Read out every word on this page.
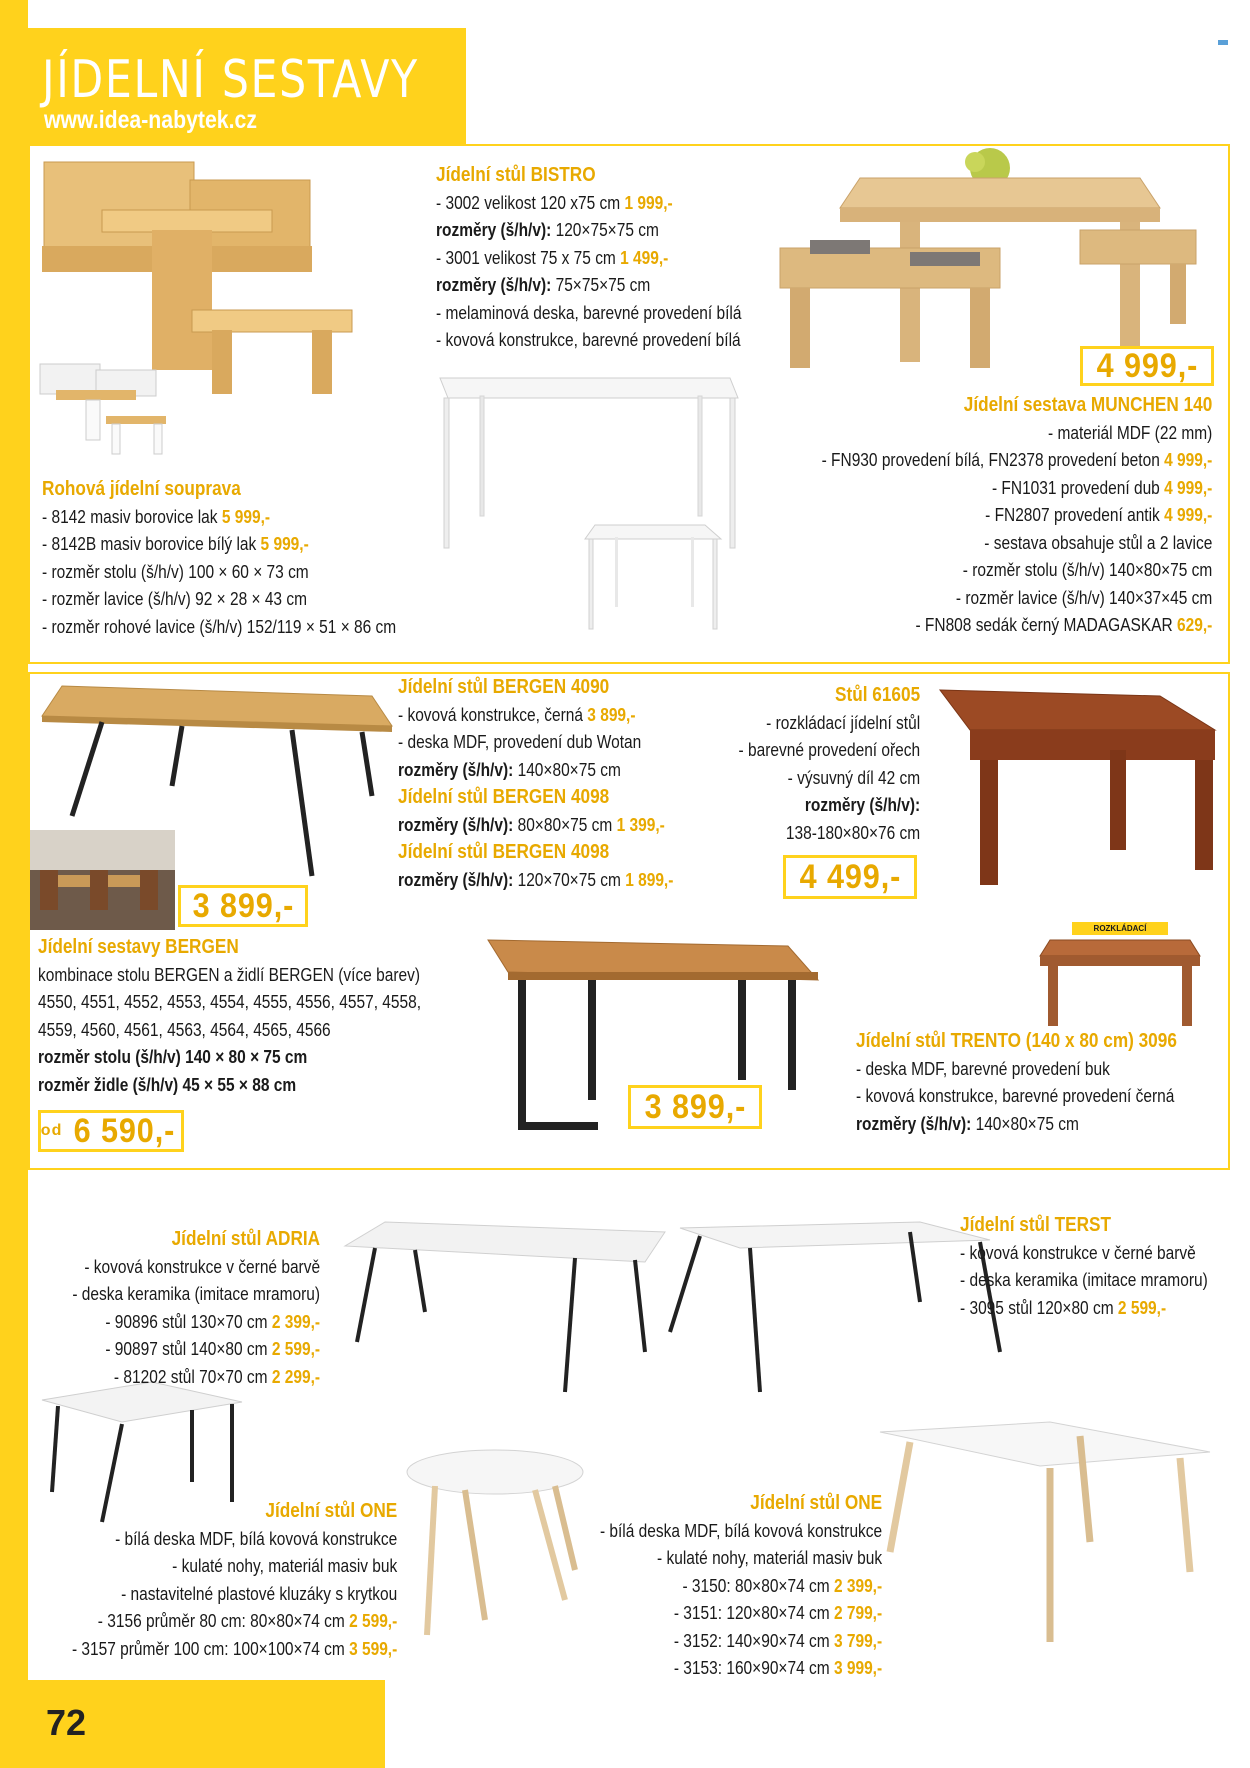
JÍDELNÍ SESTAVY
www.idea-nabytek.cz
Jídelní stůl BISTRO
- 3002 velikost 120 x75 cm 1 999,-
rozměry (š/h/v): 120×75×75 cm
- 3001 velikost 75 x 75 cm 1 499,-
rozměry (š/h/v): 75×75×75 cm
- melaminová deska, barevné provedení bílá
- kovová konstrukce, barevné provedení bílá
Rohová jídelní souprava
- 8142 masiv borovice lak 5 999,-
- 8142B masiv borovice bílý lak 5 999,-
- rozměr stolu (š/h/v) 100 × 60 × 73 cm
- rozměr lavice (š/h/v) 92 × 28 × 43 cm
- rozměr rohové lavice (š/h/v) 152/119 × 51 × 86 cm
4 999,-
Jídelní sestava MUNCHEN 140
- materiál MDF (22 mm)
- FN930 provedení bílá, FN2378 provedení beton 4 999,-
- FN1031 provedení dub 4 999,-
- FN2807 provedení antik 4 999,-
- sestava obsahuje stůl a 2 lavice
- rozměr stolu (š/h/v) 140×80×75 cm
- rozměr lavice (š/h/v) 140×37×45 cm
- FN808 sedák černý MADAGASKAR 629,-
ROZKLÁDACÍ
Jídelní stůl BERGEN 4090
- kovová konstrukce, černá 3 899,-
- deska MDF, provedení dub Wotan
rozměry (š/h/v): 140×80×75 cm
Jídelní stůl BERGEN 4098
rozměry (š/h/v): 80×80×75 cm 1 399,-
Jídelní stůl BERGEN 4098
rozměry (š/h/v): 120×70×75 cm 1 899,-
Stůl 61605
- rozkládací jídelní stůl
- barevné provedení ořech
- výsuvný díl 42 cm
rozměry (š/h/v):
138-180×80×76 cm
4 499,-
3 899,-
Jídelní sestavy BERGEN
kombinace stolu BERGEN a židlí BERGEN (více barev)
4550, 4551, 4552, 4553, 4554, 4555, 4556, 4557, 4558,
4559, 4560, 4561, 4563, 4564, 4565, 4566
rozměr stolu (š/h/v) 140 × 80 × 75 cm
rozměr židle (š/h/v) 45 × 55 × 88 cm
od 6 590,-
3 899,-
Jídelní stůl TRENTO (140 x 80 cm) 3096
- deska MDF, barevné provedení buk
- kovová konstrukce, barevné provedení černá
rozměry (š/h/v): 140×80×75 cm
Jídelní stůl ADRIA
- kovová konstrukce v černé barvě
- deska keramika (imitace mramoru)
- 90896 stůl 130×70 cm 2 399,-
- 90897 stůl 140×80 cm 2 599,-
- 81202 stůl 70×70 cm 2 299,-
Jídelní stůl TERST
- kovová konstrukce v černé barvě
- deska keramika (imitace mramoru)
- 3095 stůl 120×80 cm 2 599,-
Jídelní stůl ONE
- bílá deska MDF, bílá kovová konstrukce
- kulaté nohy, materiál masiv buk
- nastavitelné plastové kluzáky s krytkou
- 3156 průměr 80 cm: 80×80×74 cm 2 599,-
- 3157 průměr 100 cm: 100×100×74 cm 3 599,-
Jídelní stůl ONE
- bílá deska MDF, bílá kovová konstrukce
- kulaté nohy, materiál masiv buk
- 3150: 80×80×74 cm 2 399,-
- 3151: 120×80×74 cm 2 799,-
- 3152: 140×90×74 cm 3 799,-
- 3153: 160×90×74 cm 3 999,-
72
